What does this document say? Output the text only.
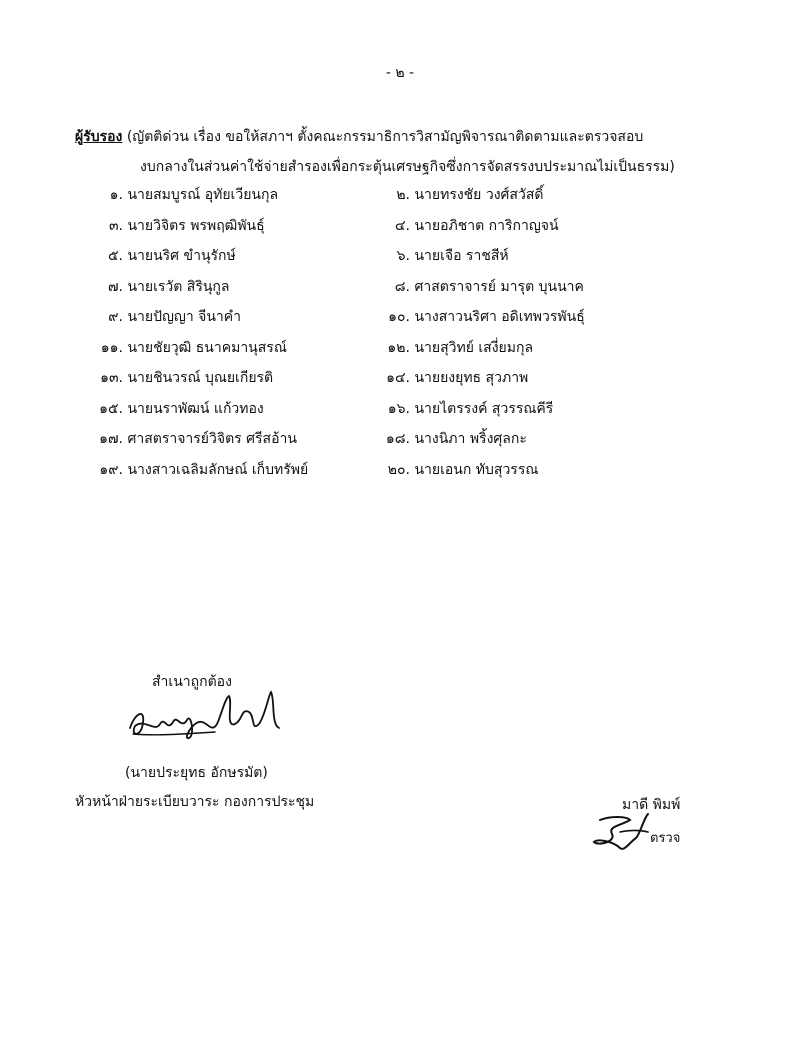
- ๒ -
ผู้รับรอง (ญัตติด่วน เรื่อง ขอให้สภาฯ ตั้งคณะกรรมาธิการวิสามัญพิจารณาติดตามและตรวจสอบ
งบกลางในส่วนค่าใช้จ่ายสำรองเพื่อกระตุ้นเศรษฐกิจซึ่งการจัดสรรงบประมาณไม่เป็นธรรม)
๑. นายสมบูรณ์ อุทัยเวียนกุล
๓. นายวิจิตร พรพฤฒิพันธุ์
๕. นายนริศ ขำนุรักษ์
๗. นายเรวัต สิรินุกูล
๙. นายปัญญา จีนาคำ
๑๑. นายชัยวุฒิ ธนาคมานุสรณ์
๑๓. นายชินวรณ์ บุณยเกียรติ
๑๕. นายนราพัฒน์ แก้วทอง
๑๗. ศาสตราจารย์วิจิตร ศรีสอ้าน
๑๙. นางสาวเฉลิมลักษณ์ เก็บทรัพย์
๒. นายทรงชัย วงศ์สวัสดิ์
๔. นายอภิชาต การิกาญจน์
๖. นายเจือ ราชสีห์
๘. ศาสตราจารย์ มารุต บุนนาค
๑๐. นางสาวนริศา อดิเทพวรพันธุ์
๑๒. นายสุวิทย์ เสงี่ยมกุล
๑๔. นายยงยุทธ สุวภาพ
๑๖. นายไตรรงค์ สุวรรณคีรี
๑๘. นางนิภา พริ้งศุลกะ
๒๐. นายเอนก ทับสุวรรณ
สำเนาถูกต้อง
(นายประยุทธ อักษรมัต)
หัวหน้าฝ่ายระเบียบวาระ กองการประชุม	มาดี พิมพ์
ตรวจ
